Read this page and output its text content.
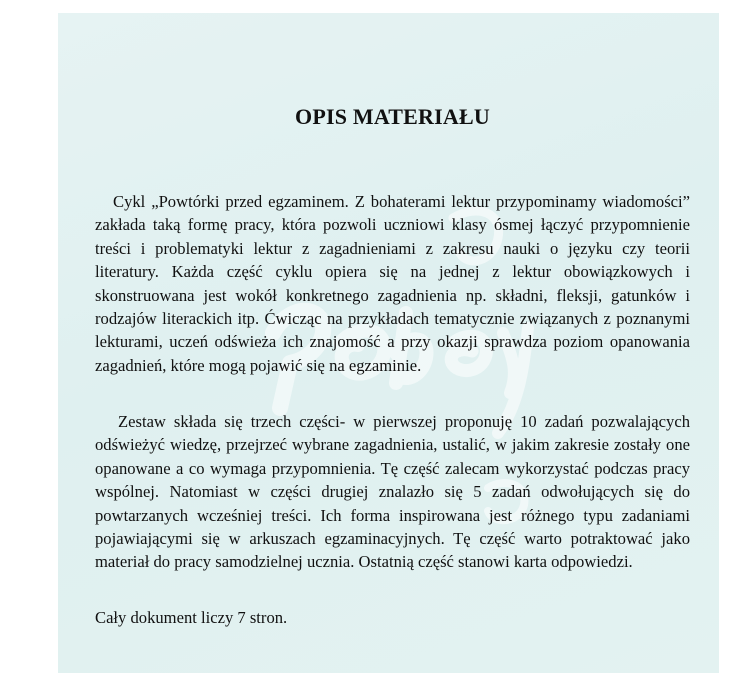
OPIS MATERIAŁU

Cykl „Powtórki przed egzaminem. Z bohaterami lektur przypominamy wiadomości” zakłada taką formę pracy, która pozwoli uczniowi klasy ósmej łączyć przypomnienie treści i problematyki lektur z zagadnieniami z zakresu nauki o języku czy teorii literatury. Każda część cyklu opiera się na jednej z lektur obowiązkowych i skonstruowana jest wokół konkretnego zagadnienia np. składni, fleksji, gatunków i rodzajów literackich itp. Ćwicząc na przykładach tematycznie związanych z poznanymi lekturami, uczeń odświeża ich znajomość a przy okazji sprawdza poziom opanowania zagadnień, które mogą pojawić się na egzaminie.

Zestaw składa się trzech części- w pierwszej proponuję 10 zadań pozwalających odświeżyć wiedzę, przejrzeć wybrane zagadnienia, ustalić, w jakim zakresie zostały one opanowane a co wymaga przypomnienia. Tę część zalecam wykorzystać podczas pracy wspólnej. Natomiast w części drugiej znalazło się 5 zadań odwołujących się do powtarzanych wcześniej treści. Ich forma inspirowana jest różnego typu zadaniami pojawiającymi się w arkuszach egzaminacyjnych. Tę część warto potraktować jako materiał do pracy samodzielnej ucznia. Ostatnią część stanowi karta odpowiedzi.

Cały dokument liczy 7 stron.
